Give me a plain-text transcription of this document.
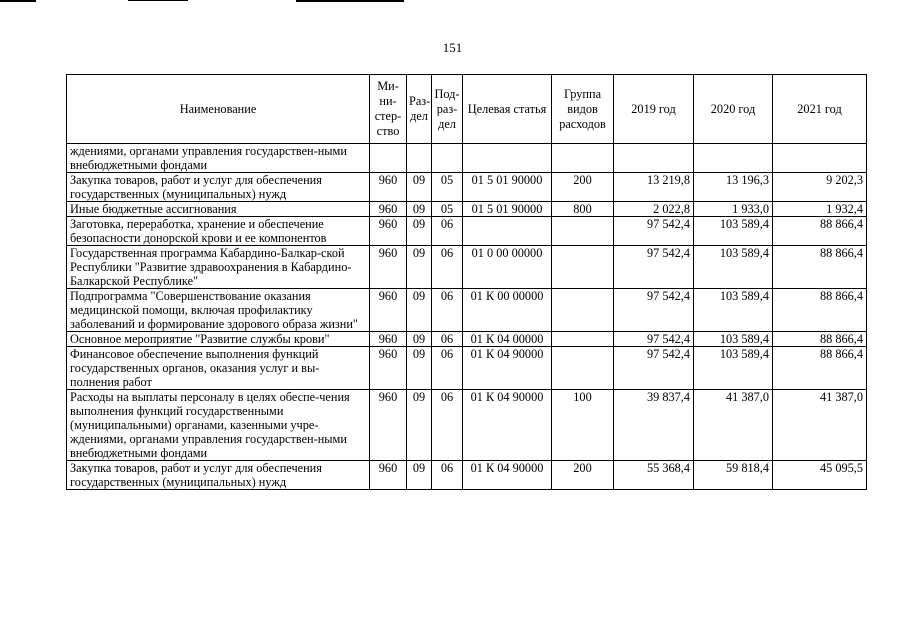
151
Наименование	Ми-ни-стер-ство	Раз-дел	Под-раз-дел	Целевая статья	Группа видов расходов	2019 год	2020 год	2021 год
ждениями, органами управления государствен-ными внебюджетными фондами								
Закупка товаров, работ и услуг для обеспечения государственных (муниципальных) нужд	960	09	05	01 5 01 90000	200	13 219,8	13 196,3	9 202,3
Иные бюджетные ассигнования	960	09	05	01 5 01 90000	800	2 022,8	1 933,0	1 932,4
Заготовка, переработка, хранение и обеспечение безопасности донорской крови и ее компонентов	960	09	06			97 542,4	103 589,4	88 866,4
Государственная программа Кабардино-Балкар-ской Республики "Развитие здравоохранения в Кабардино-Балкарской Республике"	960	09	06	01 0 00 00000		97 542,4	103 589,4	88 866,4
Подпрограмма "Совершенствование оказания медицинской помощи, включая профилактику заболеваний и формирование здорового образа жизни"	960	09	06	01 К 00 00000		97 542,4	103 589,4	88 866,4
Основное мероприятие "Развитие службы крови"	960	09	06	01 К 04 00000		97 542,4	103 589,4	88 866,4
Финансовое обеспечение выполнения функций государственных органов, оказания услуг и вы-полнения работ	960	09	06	01 К 04 90000		97 542,4	103 589,4	88 866,4
Расходы на выплаты персоналу в целях обеспе-чения выполнения функций государственными (муниципальными) органами, казенными учре-ждениями, органами управления государствен-ными внебюджетными фондами	960	09	06	01 К 04 90000	100	39 837,4	41 387,0	41 387,0
Закупка товаров, работ и услуг для обеспечения государственных (муниципальных) нужд	960	09	06	01 К 04 90000	200	55 368,4	59 818,4	45 095,5
